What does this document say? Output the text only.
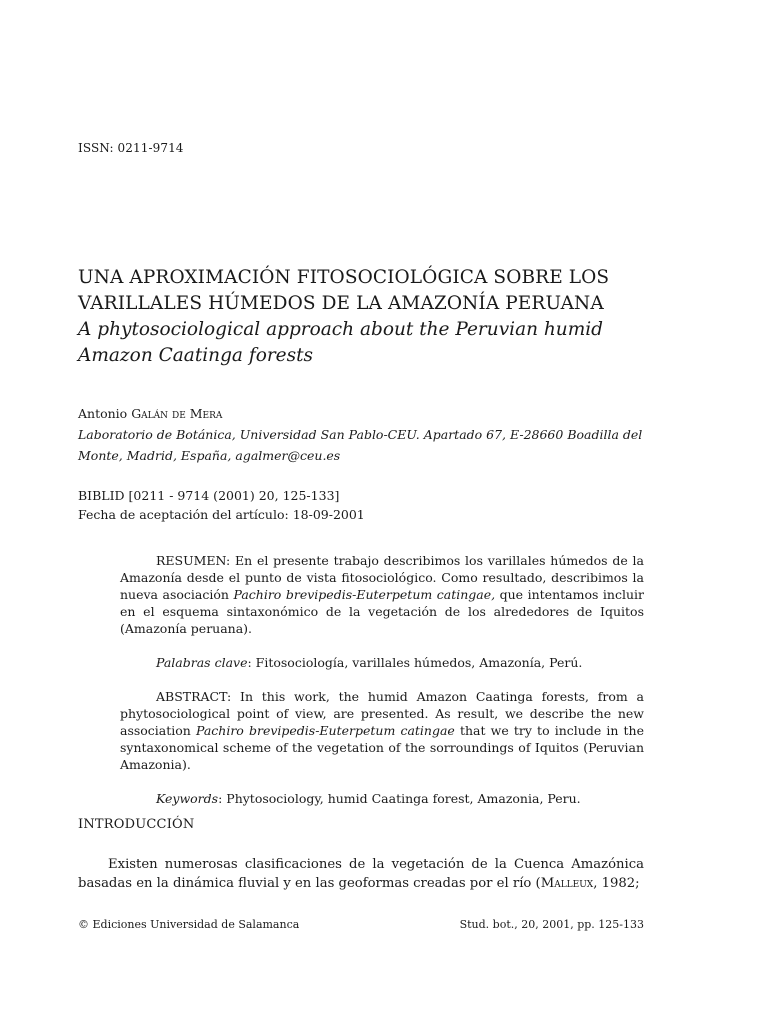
ISSN: 0211-9714
UNA APROXIMACIÓN FITOSOCIOLÓGICA SOBRE LOS
VARILLALES HÚMEDOS DE LA AMAZONÍA PERUANA
A phytosociological approach about the Peruvian humid
Amazon Caatinga forests
Antonio Galán de Mera
Laboratorio de Botánica, Universidad San Pablo-CEU. Apartado 67, E-28660 Boadilla del
Monte, Madrid, España, agalmer@ceu.es
BIBLID [0211 - 9714 (2001) 20, 125-133]
Fecha de aceptación del artículo: 18-09-2001

RESUMEN: En el presente trabajo describimos los varillales húmedos de la Amazonía desde el punto de vista fitosociológico. Como resultado, describimos la nueva asociación Pachiro brevipedis-Euterpetum catingae, que intentamos incluir en el esquema sintaxonómico de la vegetación de los alrededores de Iquitos (Amazonía peruana).

Palabras clave: Fitosociología, varillales húmedos, Amazonía, Perú.

ABSTRACT: In this work, the humid Amazon Caatinga forests, from a phytosociological point of view, are presented. As result, we describe the new association Pachiro brevipedis-Euterpetum catingae that we try to include in the syntaxonomical scheme of the vegetation of the sorroundings of Iquitos (Peruvian Amazonia).

Keywords: Phytosociology, humid Caatinga forest, Amazonia, Peru.

INTRODUCCIÓN

Existen numerosas clasificaciones de la vegetación de la Cuenca Amazónica basadas en la dinámica fluvial y en las geoformas creadas por el río (Malleux, 1982;

© Ediciones Universidad de Salamanca	Stud. bot., 20, 2001, pp. 125-133
